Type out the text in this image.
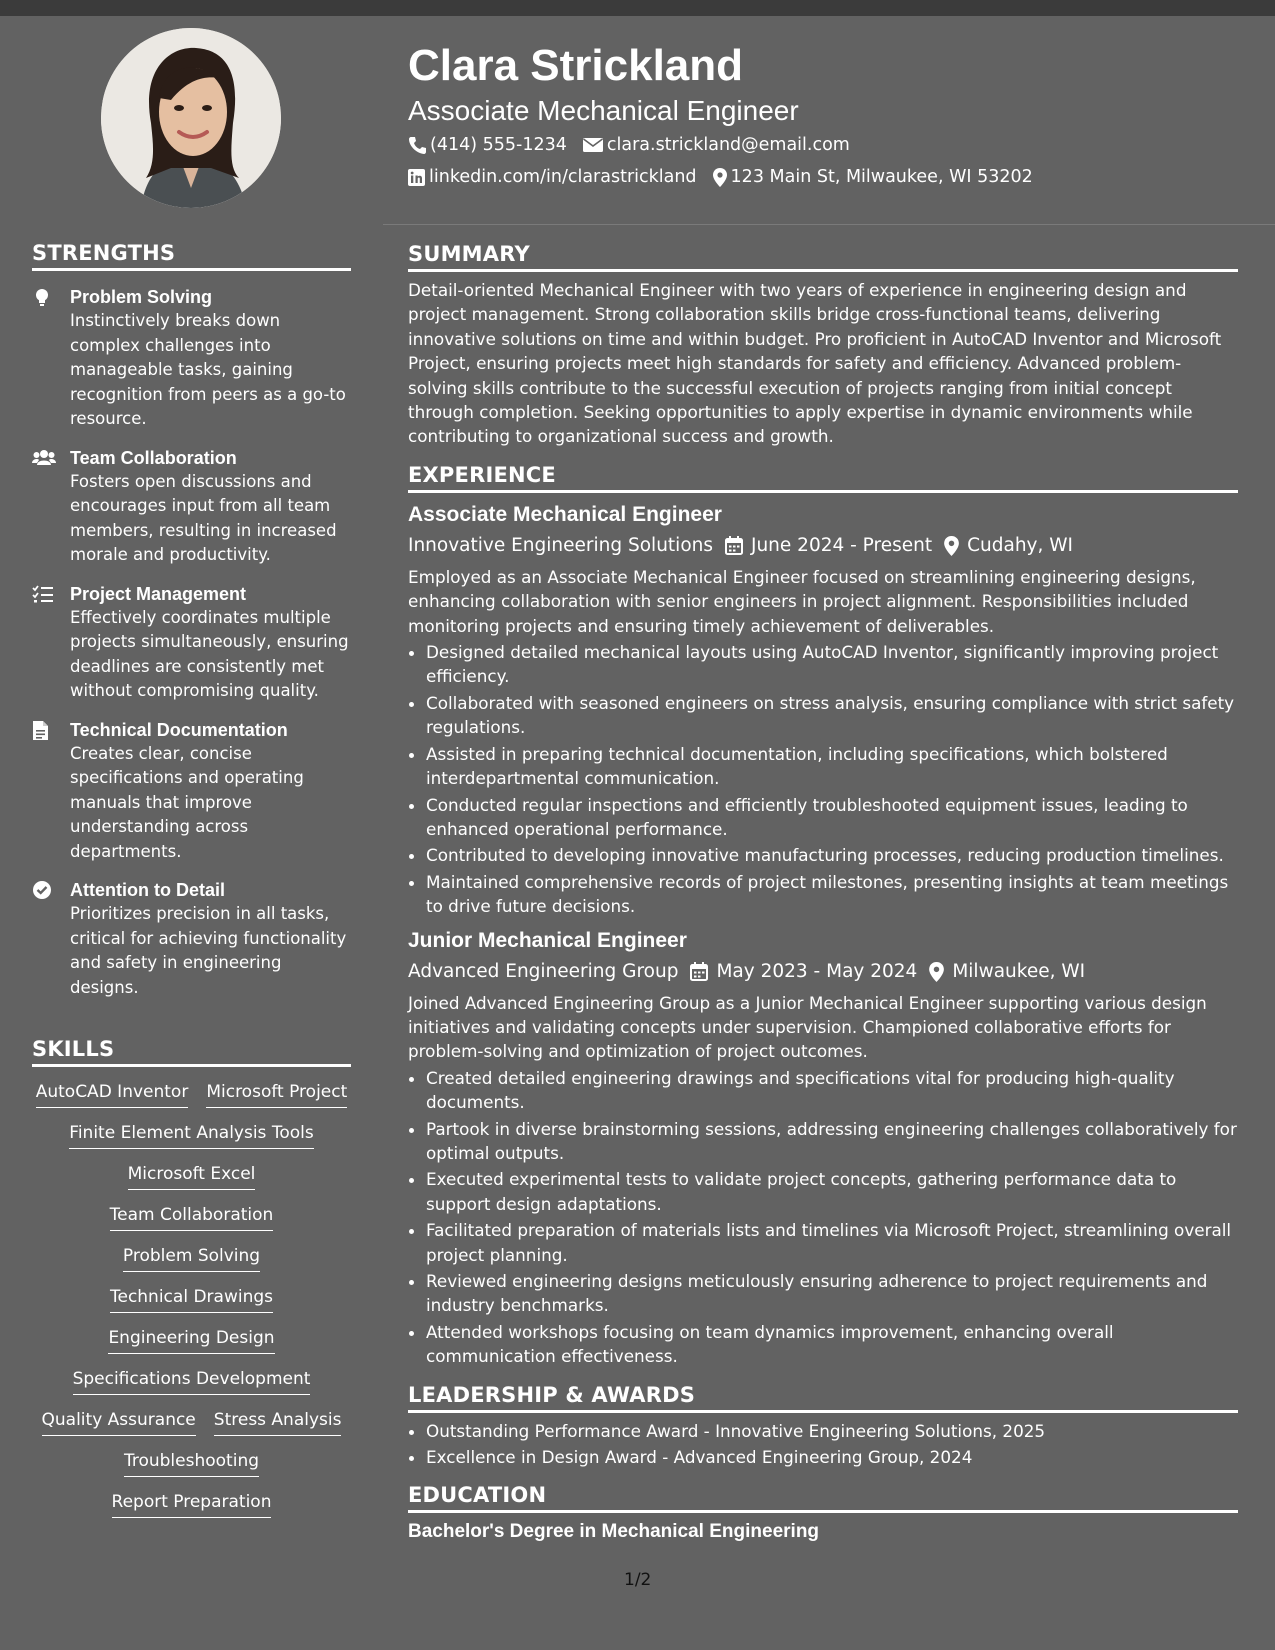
STRENGTHS
Problem Solving
Instinctively breaks down complex challenges into manageable tasks, gaining recognition from peers as a go-to resource.
Team Collaboration
Fosters open discussions and encourages input from all team members, resulting in increased morale and productivity.
Project Management
Effectively coordinates multiple projects simultaneously, ensuring deadlines are consistently met without compromising quality.
Technical Documentation
Creates clear, concise specifications and operating manuals that improve understanding across departments.
Attention to Detail
Prioritizes precision in all tasks, critical for achieving functionality and safety in engineering designs.
SKILLS
AutoCAD Inventor Microsoft Project
Finite Element Analysis Tools
Microsoft Excel
Team Collaboration
Problem Solving
Technical Drawings
Engineering Design
Specifications Development
Quality Assurance Stress Analysis
Troubleshooting
Report Preparation
Clara Strickland
Associate Mechanical Engineer
(414) 555-1234 clara.strickland@email.com
linkedin.com/in/clarastrickland 123 Main St, Milwaukee, WI 53202
SUMMARY
Detail-oriented Mechanical Engineer with two years of experience in engineering design and project management. Strong collaboration skills bridge cross-functional teams, delivering innovative solutions on time and within budget. Pro proficient in AutoCAD Inventor and Microsoft Project, ensuring projects meet high standards for safety and efficiency. Advanced problem-solving skills contribute to the successful execution of projects ranging from initial concept through completion. Seeking opportunities to apply expertise in dynamic environments while contributing to organizational success and growth.
EXPERIENCE
Associate Mechanical Engineer
Innovative Engineering Solutions June 2024 - Present Cudahy, WI
Employed as an Associate Mechanical Engineer focused on streamlining engineering designs, enhancing collaboration with senior engineers in project alignment. Responsibilities included monitoring projects and ensuring timely achievement of deliverables.
• Designed detailed mechanical layouts using AutoCAD Inventor, significantly improving project efficiency.
• Collaborated with seasoned engineers on stress analysis, ensuring compliance with strict safety regulations.
• Assisted in preparing technical documentation, including specifications, which bolstered interdepartmental communication.
• Conducted regular inspections and efficiently troubleshooted equipment issues, leading to enhanced operational performance.
• Contributed to developing innovative manufacturing processes, reducing production timelines.
• Maintained comprehensive records of project milestones, presenting insights at team meetings to drive future decisions.
Junior Mechanical Engineer
Advanced Engineering Group May 2023 - May 2024 Milwaukee, WI
Joined Advanced Engineering Group as a Junior Mechanical Engineer supporting various design initiatives and validating concepts under supervision. Championed collaborative efforts for problem-solving and optimization of project outcomes.
• Created detailed engineering drawings and specifications vital for producing high-quality documents.
• Partook in diverse brainstorming sessions, addressing engineering challenges collaboratively for optimal outputs.
• Executed experimental tests to validate project concepts, gathering performance data to support design adaptations.
• Facilitated preparation of materials lists and timelines via Microsoft Project, streamlining overall project planning.
• Reviewed engineering designs meticulously ensuring adherence to project requirements and industry benchmarks.
• Attended workshops focusing on team dynamics improvement, enhancing overall communication effectiveness.
LEADERSHIP & AWARDS
• Outstanding Performance Award - Innovative Engineering Solutions, 2025
• Excellence in Design Award - Advanced Engineering Group, 2024
EDUCATION
Bachelor's Degree in Mechanical Engineering
1/2
